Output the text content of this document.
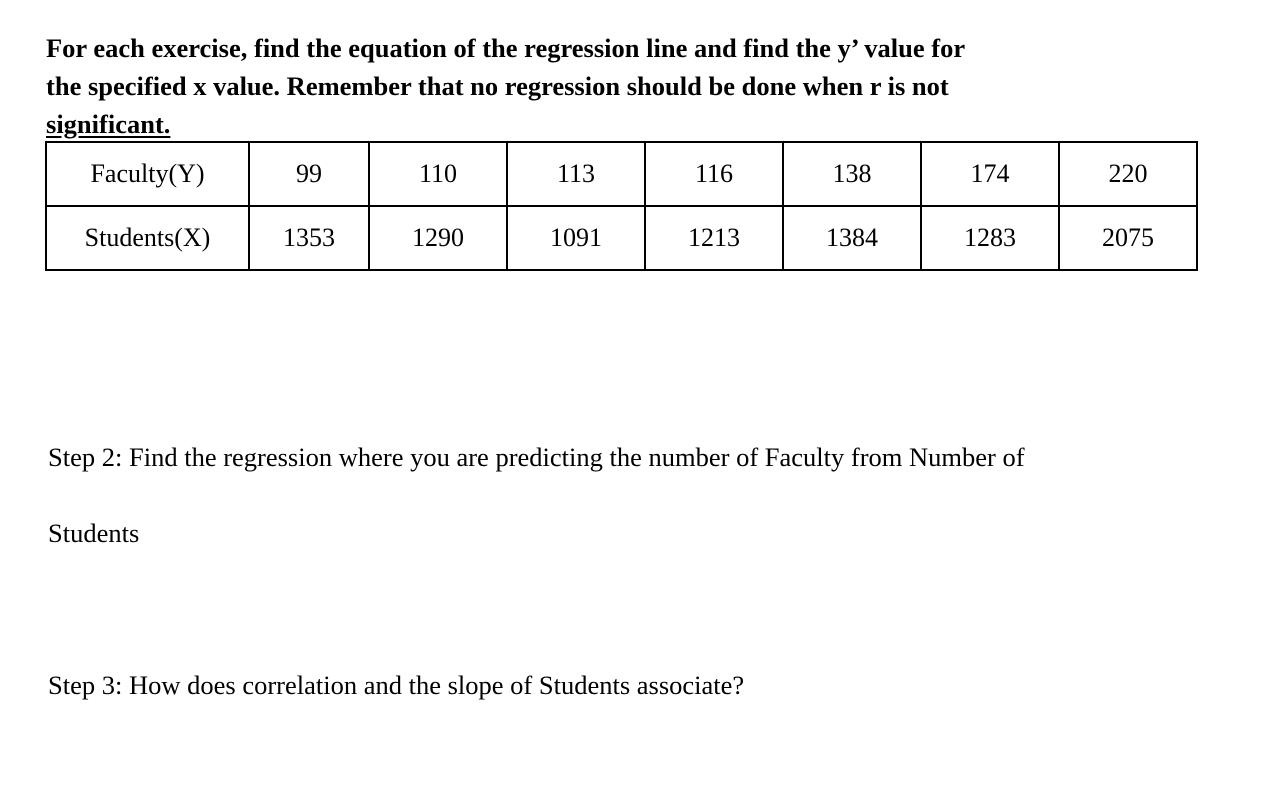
For each exercise, find the equation of the regression line and find the y’ value for
the specified x value. Remember that no regression should be done when r is not
significant.
Faculty(Y)	99	110	113	116	138	174	220
Students(X)	1353	1290	1091	1213	1384	1283	2075

Step 2: Find the regression where you are predicting the number of Faculty from Number of

Students

Step 3: How does correlation and the slope of Students associate?
